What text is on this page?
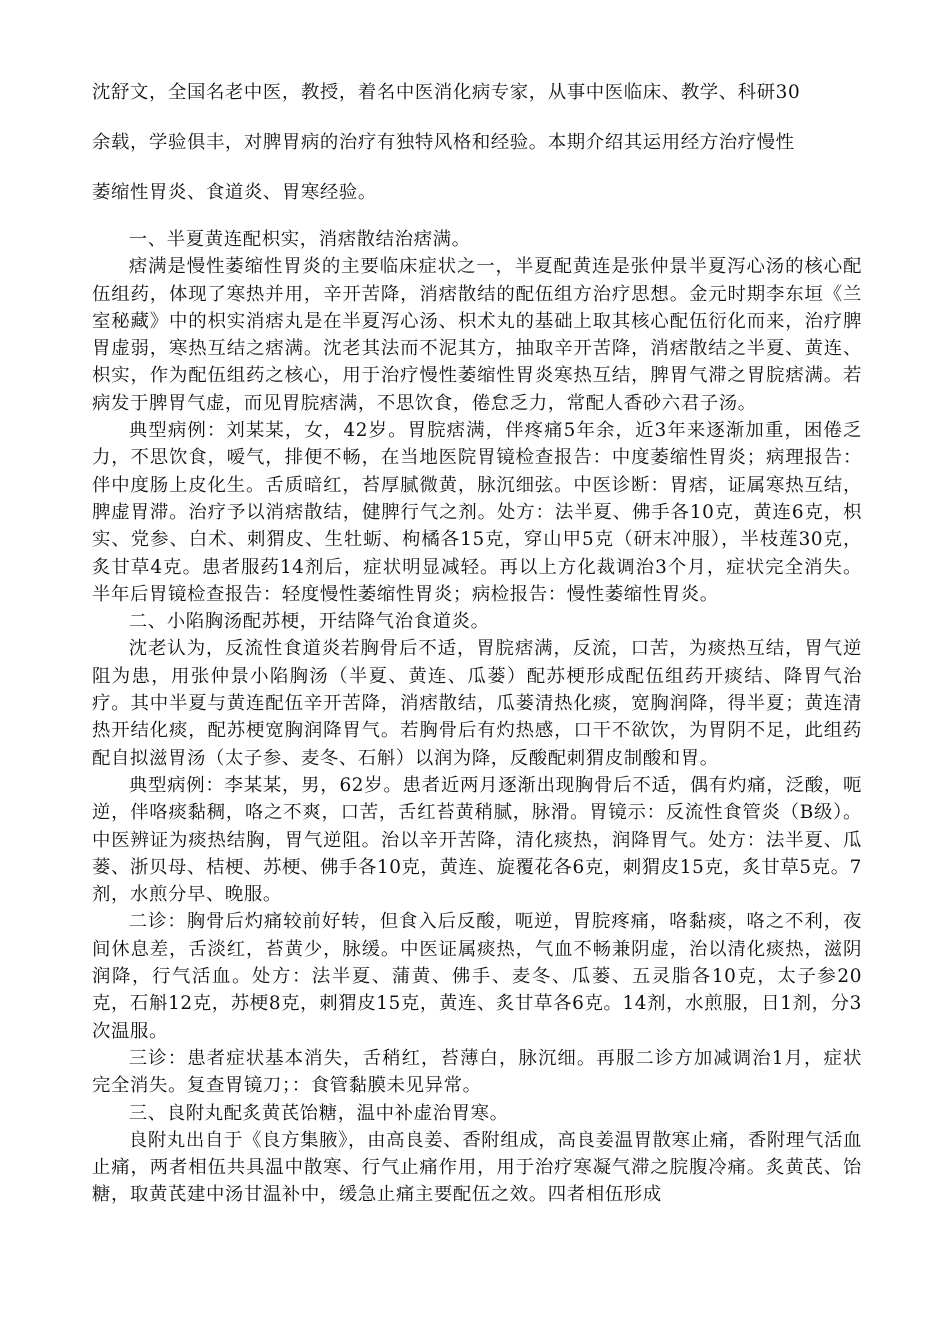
沈舒文，全国名老中医，教授，着名中医消化病专家，从事中医临床、教学、科研30

余载，学验俱丰，对脾胃病的治疗有独特风格和经验。本期介绍其运用经方治疗慢性

萎缩性胃炎、食道炎、胃寒经验。

一、半夏黄连配枳实，消痞散结治痞满。

痞满是慢性萎缩性胃炎的主要临床症状之一，半夏配黄连是张仲景半夏泻心汤的核心配伍组药，体现了寒热并用，辛开苦降，消痞散结的配伍组方治疗思想。金元时期李东垣《兰室秘藏》中的枳实消痞丸是在半夏泻心汤、枳术丸的基础上取其核心配伍衍化而来，治疗脾胃虚弱，寒热互结之痞满。沈老其法而不泥其方，抽取辛开苦降，消痞散结之半夏、黄连、枳实，作为配伍组药之核心，用于治疗慢性萎缩性胃炎寒热互结，脾胃气滞之胃脘痞满。若病发于脾胃气虚，而见胃脘痞满，不思饮食，倦怠乏力，常配人香砂六君子汤。

典型病例：刘某某，女，42岁。胃脘痞满，伴疼痛5年余，近3年来逐渐加重，困倦乏力，不思饮食，嗳气，排便不畅，在当地医院胃镜检查报告：中度萎缩性胃炎；病理报告：伴中度肠上皮化生。舌质暗红，苔厚腻微黄，脉沉细弦。中医诊断：胃痞，证属寒热互结，脾虚胃滞。治疗予以消痞散结，健脾行气之剂。处方：法半夏、佛手各10克，黄连6克，枳实、党参、白术、刺猬皮、生牡蛎、枸橘各15克，穿山甲5克（研末冲服），半枝莲30克，炙甘草4克。患者服药14剂后，症状明显减轻。再以上方化裁调治3个月，症状完全消失。半年后胃镜检查报告：轻度慢性萎缩性胃炎；病检报告：慢性萎缩性胃炎。

二、小陷胸汤配苏梗，开结降气治食道炎。

沈老认为，反流性食道炎若胸骨后不适，胃脘痞满，反流，口苦，为痰热互结，胃气逆阻为患，用张仲景小陷胸汤（半夏、黄连、瓜蒌）配苏梗形成配伍组药开痰结、降胃气治疗。其中半夏与黄连配伍辛开苦降，消痞散结，瓜蒌清热化痰，宽胸润降，得半夏；黄连清热开结化痰，配苏梗宽胸润降胃气。若胸骨后有灼热感，口干不欲饮，为胃阴不足，此组药配自拟滋胃汤（太子参、麦冬、石斛）以润为降，反酸配刺猬皮制酸和胃。

典型病例：李某某，男，62岁。患者近两月逐渐出现胸骨后不适，偶有灼痛，泛酸，呃逆，伴咯痰黏稠，咯之不爽，口苦，舌红苔黄稍腻，脉滑。胃镜示：反流性食管炎（B级）。中医辨证为痰热结胸，胃气逆阻。治以辛开苦降，清化痰热，润降胃气。处方：法半夏、瓜蒌、浙贝母、桔梗、苏梗、佛手各10克，黄连、旋覆花各6克，刺猬皮15克，炙甘草5克。7剂，水煎分早、晚服。

二诊：胸骨后灼痛较前好转，但食入后反酸，呃逆，胃脘疼痛，咯黏痰，咯之不利，夜间休息差，舌淡红，苔黄少，脉缓。中医证属痰热，气血不畅兼阴虚，治以清化痰热，滋阴润降，行气活血。处方：法半夏、蒲黄、佛手、麦冬、瓜蒌、五灵脂各10克，太子参20克，石斛12克，苏梗8克，刺猬皮15克，黄连、炙甘草各6克。14剂，水煎服，日1剂，分3次温服。

三诊：患者症状基本消失，舌稍红，苔薄白，脉沉细。再服二诊方加减调治1月，症状完全消失。复查胃镜刀；：食管黏膜未见异常。

三、良附丸配炙黄芪饴糖，温中补虚治胃寒。

良附丸出自于《良方集腋》，由高良姜、香附组成，高良姜温胃散寒止痛，香附理气活血止痛，两者相伍共具温中散寒、行气止痛作用，用于治疗寒凝气滞之脘腹冷痛。炙黄芪、饴糖，取黄芪建中汤甘温补中，缓急止痛主要配伍之效。四者相伍形成
